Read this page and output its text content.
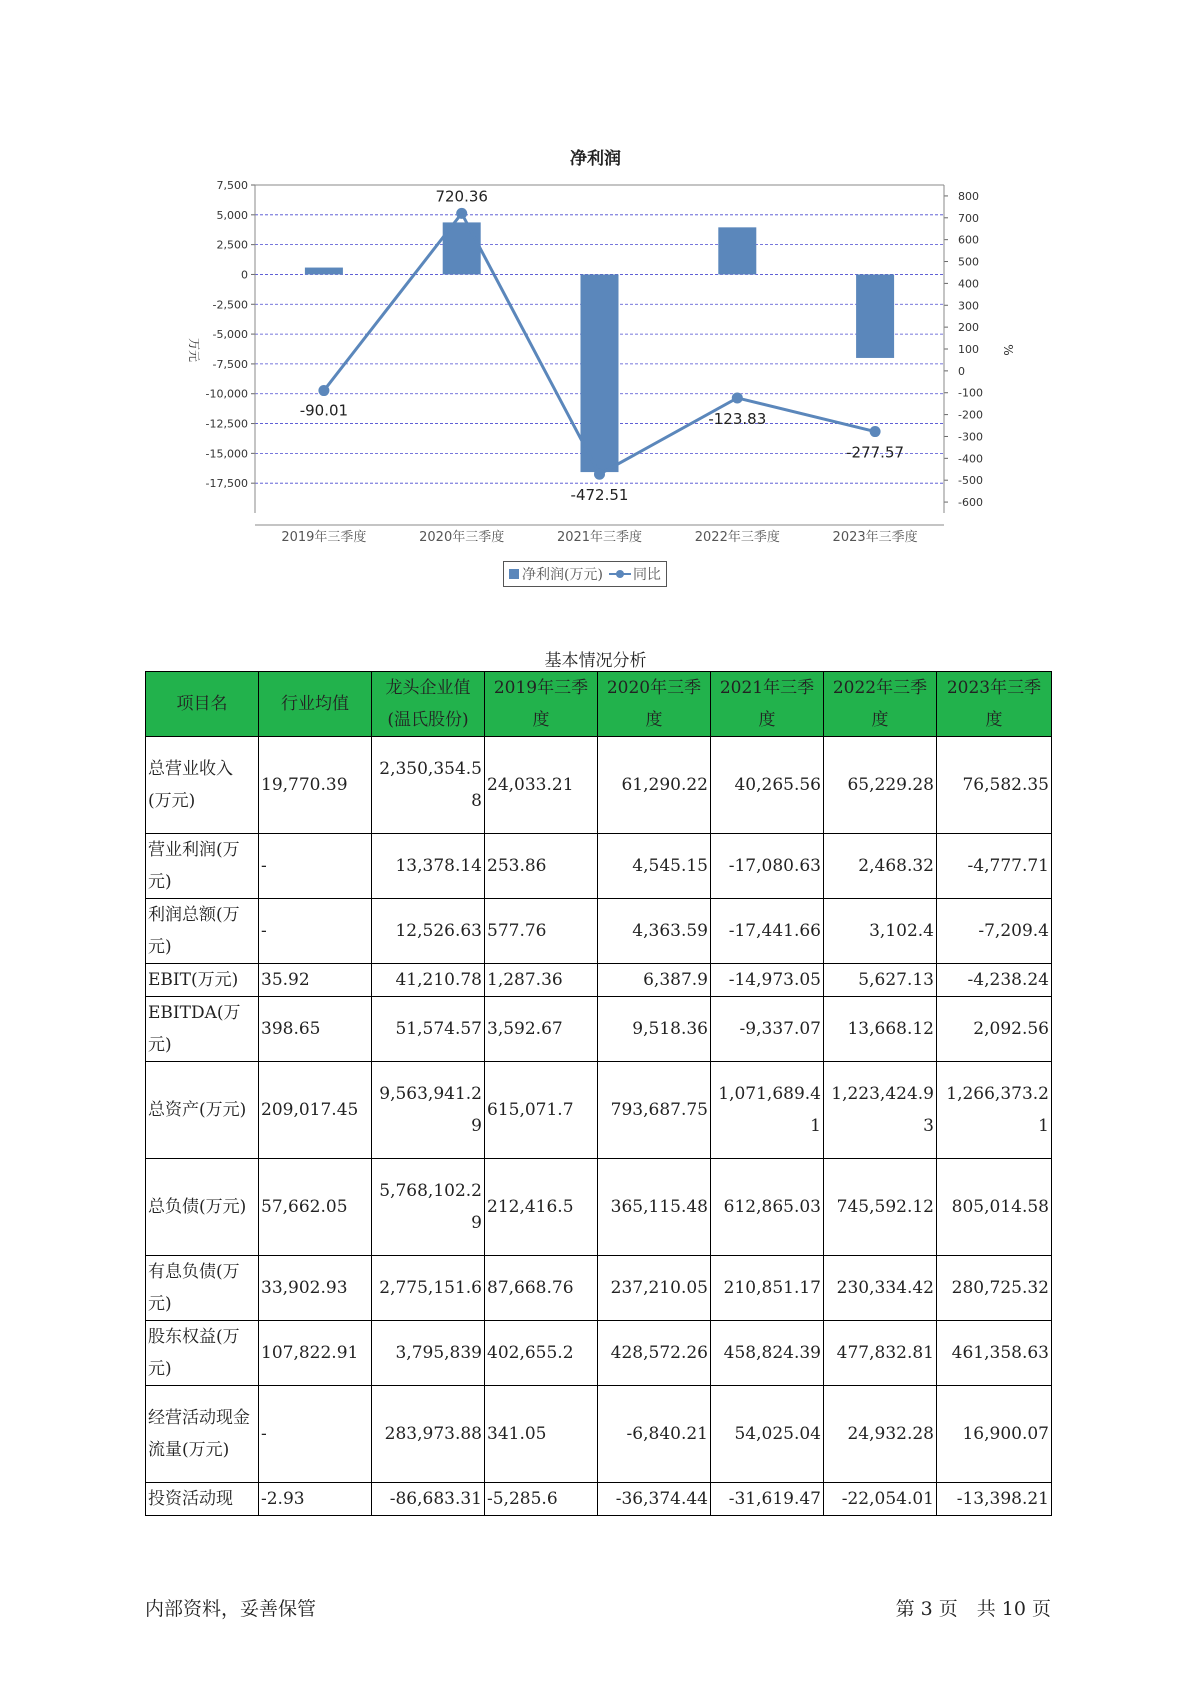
净利润
7,500
5,000
2,500
0
-2,500
-5,000
-7,500
-10,000
-12,500
-15,000
-17,500
800
700
600
500
400
300
200
100
0
-100
-200
-300
-400
-500
-600
万元	%
2019年三季度	2020年三季度	2021年三季度	2022年三季度	2023年三季度
-90.01
720.36
-472.51
-123.83
-277.57
净利润(万元) 同比
基本情况分析
项目名	行业均值	龙头企业值(温氏股份)	2019年三季度	2020年三季度	2021年三季度	2022年三季度	2023年三季度
总营业收入(万元)	19,770.39	2,350,354.58	24,033.21	61,290.22	40,265.56	65,229.28	76,582.35
营业利润(万元)	-	13,378.14	253.86	4,545.15	-17,080.63	2,468.32	-4,777.71
利润总额(万元)	-	12,526.63	577.76	4,363.59	-17,441.66	3,102.4	-7,209.4
EBIT(万元)	35.92	41,210.78	1,287.36	6,387.9	-14,973.05	5,627.13	-4,238.24
EBITDA(万元)	398.65	51,574.57	3,592.67	9,518.36	-9,337.07	13,668.12	2,092.56
总资产(万元)	209,017.45	9,563,941.29	615,071.7	793,687.75	1,071,689.41	1,223,424.93	1,266,373.21
总负债(万元)	57,662.05	5,768,102.29	212,416.5	365,115.48	612,865.03	745,592.12	805,014.58
有息负债(万元)	33,902.93	2,775,151.6	87,668.76	237,210.05	210,851.17	230,334.42	280,725.32
股东权益(万元)	107,822.91	3,795,839	402,655.2	428,572.26	458,824.39	477,832.81	461,358.63
经营活动现金流量(万元)	-	283,973.88	341.05	-6,840.21	54,025.04	24,932.28	16,900.07
投资活动现	-2.93	-86,683.31	-5,285.6	-36,374.44	-31,619.47	-22,054.01	-13,398.21
内部资料，妥善保管	第 3 页　共 10 页
